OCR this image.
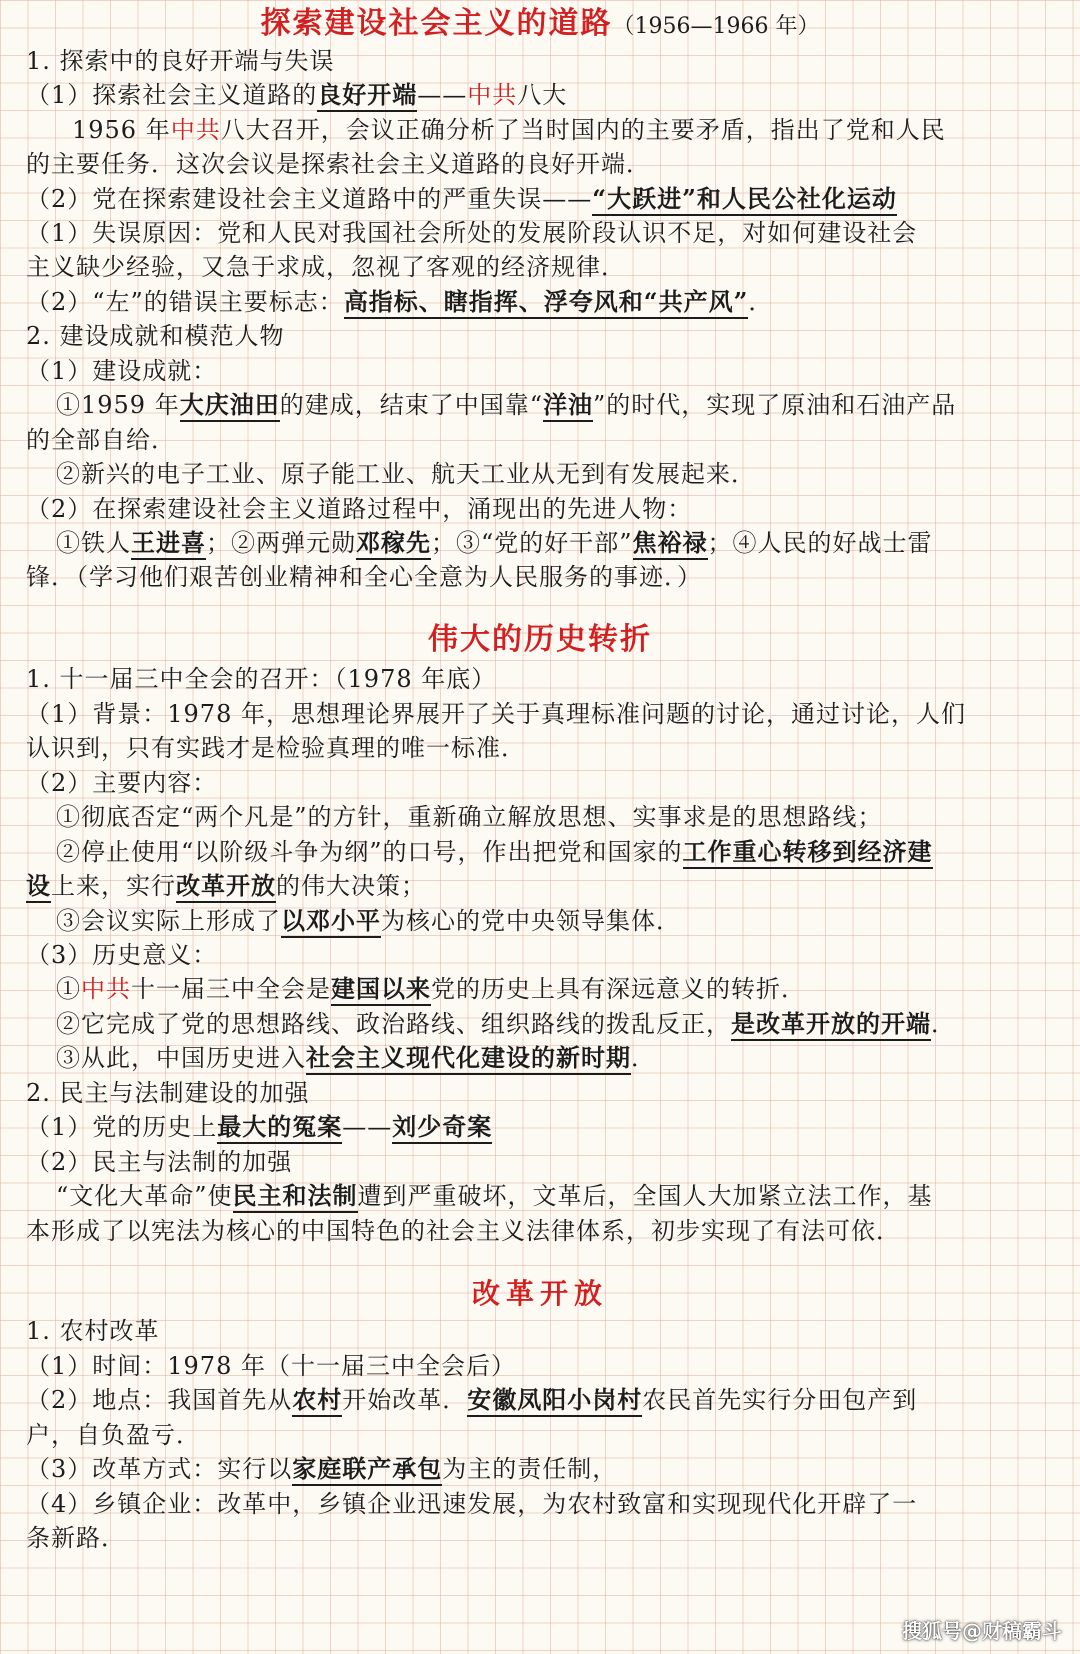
探索建设社会主义的道路（1956—1966 年）
1. 探索中的良好开端与失误
（1）探索社会主义道路的良好开端——中共八大
1956 年中共八大召开，会议正确分析了当时国内的主要矛盾，指出了党和人民
的主要任务．这次会议是探索社会主义道路的良好开端．
（2）党在探索建设社会主义道路中的严重失误——“大跃进”和人民公社化运动
（1）失误原因：党和人民对我国社会所处的发展阶段认识不足，对如何建设社会
主义缺少经验，又急于求成，忽视了客观的经济规律．
（2）“左”的错误主要标志：高指标、瞎指挥、浮夸风和“共产风”．
2. 建设成就和模范人物
（1）建设成就：
①1959 年大庆油田的建成，结束了中国靠“洋油”的时代，实现了原油和石油产品
的全部自给．
②新兴的电子工业、原子能工业、航天工业从无到有发展起来．
（2）在探索建设社会主义道路过程中，涌现出的先进人物：
①铁人王进喜；②两弹元勋邓稼先；③“党的好干部”焦裕禄；④人民的好战士雷
锋．（学习他们艰苦创业精神和全心全意为人民服务的事迹．）
伟大的历史转折
1. 十一届三中全会的召开：（1978 年底）
（1）背景：1978 年，思想理论界展开了关于真理标准问题的讨论，通过讨论，人们
认识到，只有实践才是检验真理的唯一标准．
（2）主要内容：
①彻底否定“两个凡是”的方针，重新确立解放思想、实事求是的思想路线；
②停止使用“以阶级斗争为纲”的口号，作出把党和国家的工作重心转移到经济建
设上来，实行改革开放的伟大决策；
③会议实际上形成了以邓小平为核心的党中央领导集体．
（3）历史意义：
①中共十一届三中全会是建国以来党的历史上具有深远意义的转折．
②它完成了党的思想路线、政治路线、组织路线的拨乱反正，是改革开放的开端．
③从此，中国历史进入社会主义现代化建设的新时期．
2. 民主与法制建设的加强
（1）党的历史上最大的冤案——刘少奇案
（2）民主与法制的加强
“文化大革命”使民主和法制遭到严重破坏，文革后，全国人大加紧立法工作，基
本形成了以宪法为核心的中国特色的社会主义法律体系，初步实现了有法可依．
改革开放
1. 农村改革
（1）时间：1978 年（十一届三中全会后）
（2）地点：我国首先从农村开始改革．安徽凤阳小岗村农民首先实行分田包产到
户，自负盈亏．
（3）改革方式：实行以家庭联产承包为主的责任制，
（4）乡镇企业：改革中，乡镇企业迅速发展，为农村致富和实现现代化开辟了一
条新路．
搜狐号@财稿霸斗
